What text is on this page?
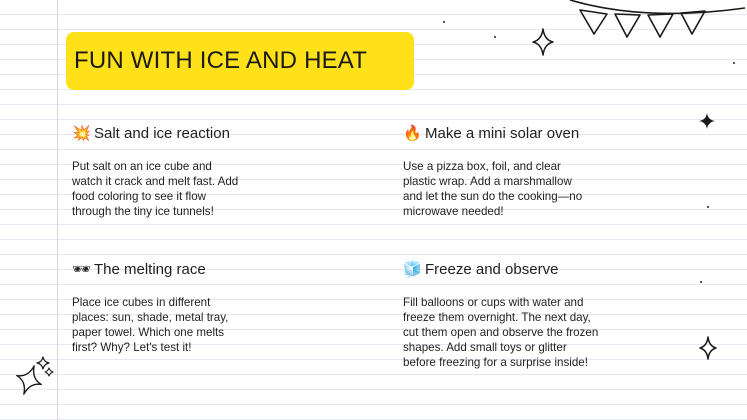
FUN WITH ICE AND HEAT
💥 Salt and ice reaction
Put salt on an ice cube and
watch it crack and melt fast. Add
food coloring to see it flow
through the tiny ice tunnels!
🔥 Make a mini solar oven
Use a pizza box, foil, and clear
plastic wrap. Add a marshmallow
and let the sun do the cooking—no
microwave needed!
🕶 The melting race
Place ice cubes in different
places: sun, shade, metal tray,
paper towel. Which one melts
first? Why? Let's test it!
🧊 Freeze and observe
Fill balloons or cups with water and
freeze them overnight. The next day,
cut them open and observe the frozen
shapes. Add small toys or glitter
before freezing for a surprise inside!
